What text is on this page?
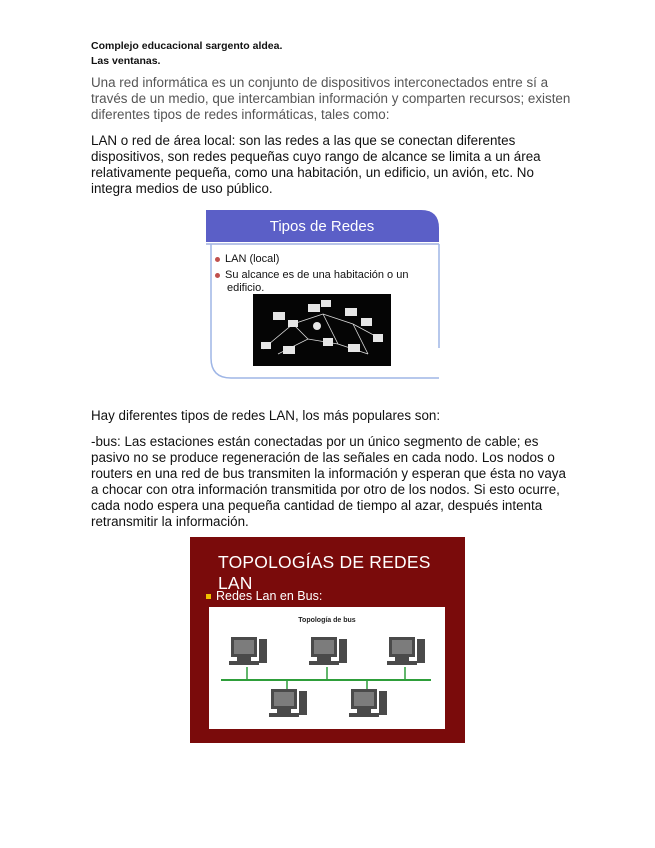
Complejo educacional sargento aldea.
Las ventanas.
Una red informática es un conjunto de dispositivos interconectados entre sí a través de un medio, que intercambian información y comparten recursos; existen diferentes tipos de redes informáticas, tales como:
LAN o red de área local: son las redes a las que se conectan diferentes dispositivos, son redes pequeñas cuyo rango de alcance se limita a un área relativamente pequeña, como una habitación, un edificio, un avión, etc. No integra medios de uso público.
Tipos de Redes
LAN (local)
Su alcance es de una habitación o un
edificio.
Hay diferentes tipos de redes LAN, los más populares son:
-bus: Las estaciones están conectadas por un único segmento de cable; es pasivo no se produce regeneración de las señales en cada nodo. Los nodos o routers en una red de bus transmiten la información y esperan que ésta no vaya a chocar con otra información transmitida por otro de los nodos. Si esto ocurre, cada nodo espera una pequeña cantidad de tiempo al azar, después intenta retransmitir la información.
TOPOLOGÍAS DE REDES LAN
Redes Lan en Bus:
Topología de bus
